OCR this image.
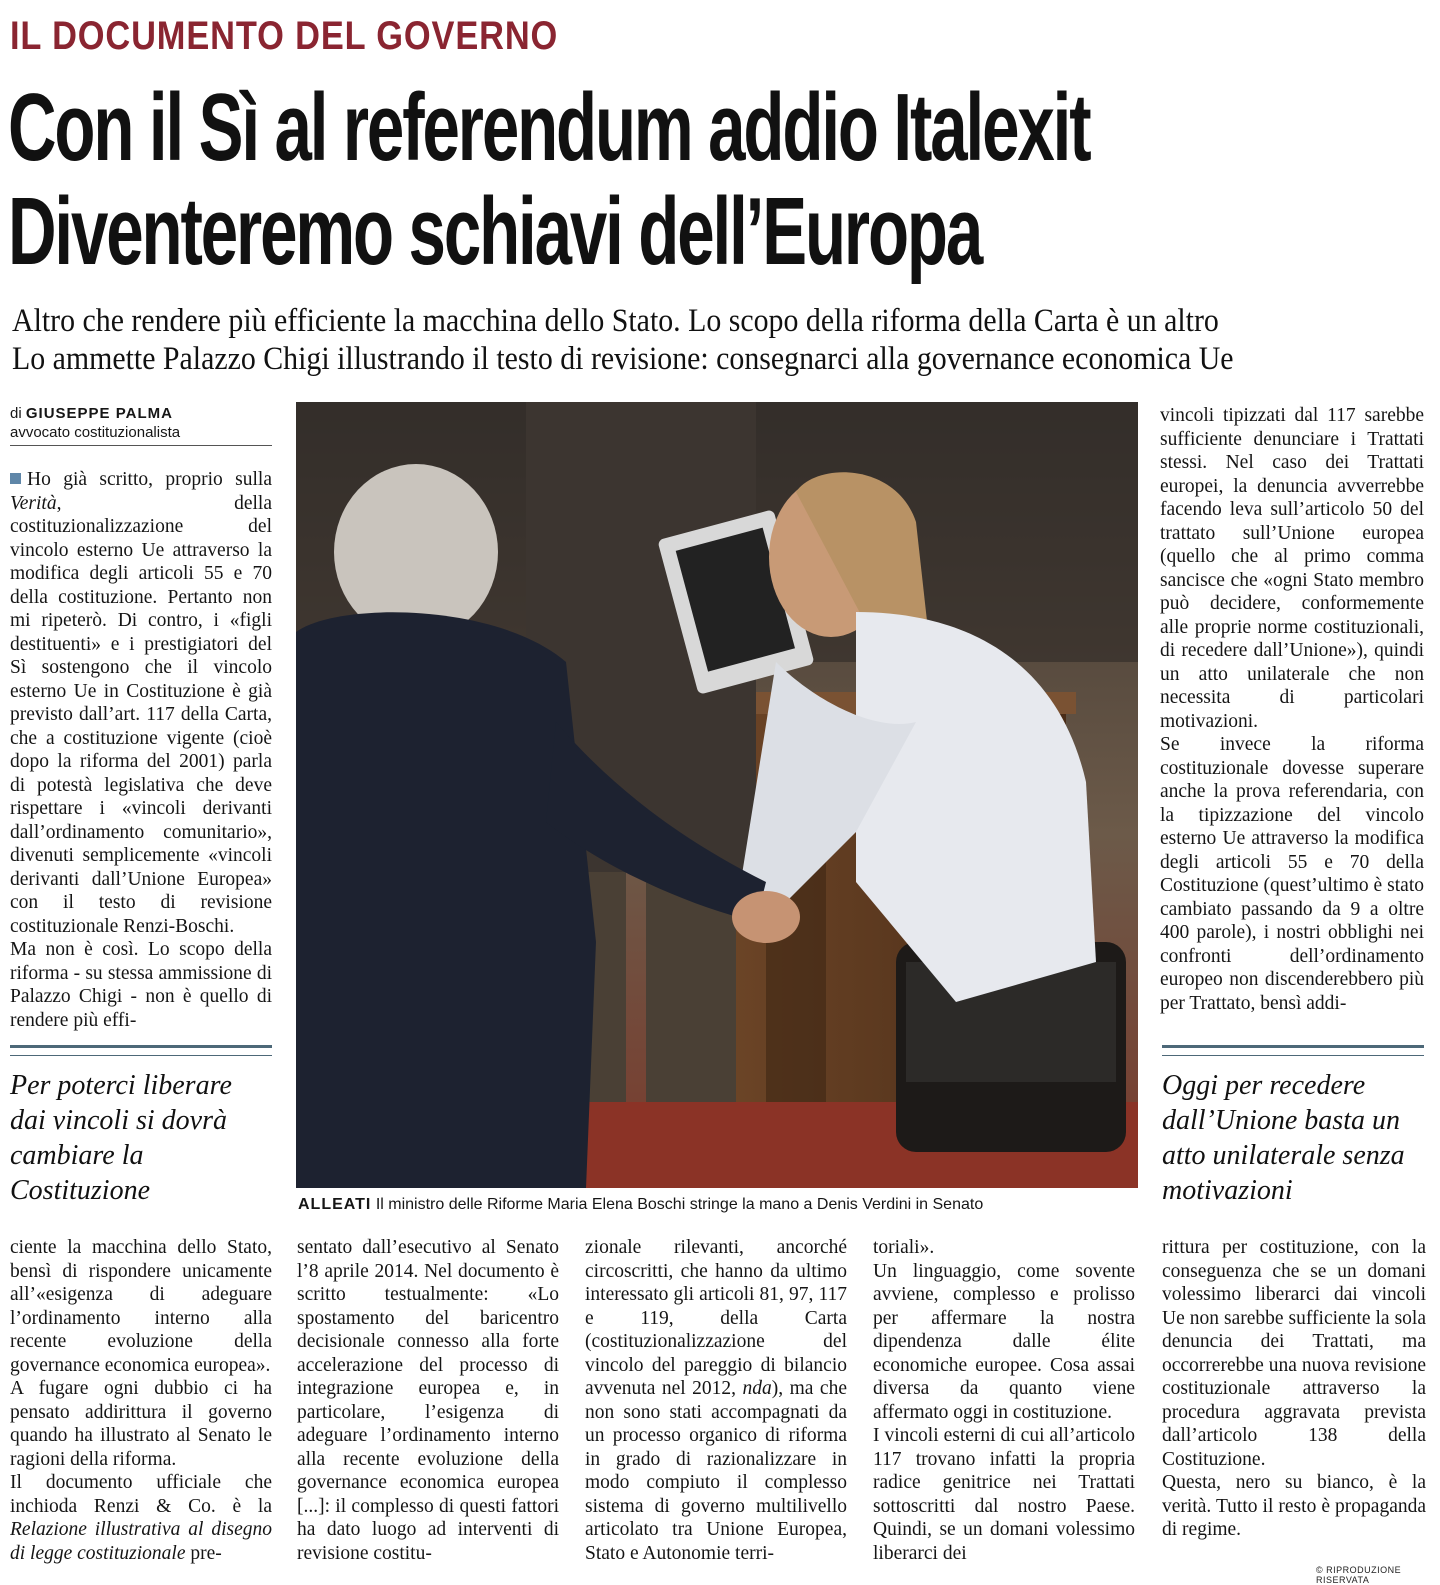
IL DOCUMENTO DEL GOVERNO
Con il Sì al referendum addio Italexit
Diventeremo schiavi dell’Europa
Altro che rendere più efficiente la macchina dello Stato. Lo scopo della riforma della Carta è un altro
Lo ammette Palazzo Chigi illustrando il testo di revisione: consegnarci alla governance economica Ue
di GIUSEPPE PALMA
avvocato costituzionalista

Ho già scritto, proprio sulla Verità, della costituzionalizzazione del vincolo esterno Ue attraverso la modifica degli articoli 55 e 70 della costituzione. Pertanto non mi ripeterò. Di contro, i «figli destituenti» e i prestigiatori del Sì sostengono che il vincolo esterno Ue in Costituzione è già previsto dall’art. 117 della Carta, che a costituzione vigente (cioè dopo la riforma del 2001) parla di potestà legislativa che deve rispettare i «vincoli derivanti dall’ordinamento comunitario», divenuti semplicemente «vincoli derivanti dall’Unione Europea» con il testo di revisione costituzionale Renzi-Boschi.

Ma non è così. Lo scopo della riforma - su stessa ammissione di Palazzo Chigi - non è quello di rendere più effi-

Per poterci liberare dai vincoli si dovrà cambiare la Costituzione	ALLEATI Il ministro delle Riforme Maria Elena Boschi stringe la mano a Denis Verdini in Senato

vincoli tipizzati dal 117 sarebbe sufficiente denunciare i Trattati stessi. Nel caso dei Trattati europei, la denuncia avverrebbe facendo leva sull’articolo 50 del trattato sull’Unione europea (quello che al primo comma sancisce che «ogni Stato membro può decidere, conformemente alle proprie norme costituzionali, di recedere dall’Unione»), quindi un atto unilaterale che non necessita di particolari motivazioni.

Se invece la riforma costituzionale dovesse superare anche la prova referendaria, con la tipizzazione del vincolo esterno Ue attraverso la modifica degli articoli 55 e 70 della Costituzione (quest’ultimo è stato cambiato passando da 9 a oltre 400 parole), i nostri obblighi nei confronti dell’ordinamento europeo non discenderebbero più per Trattato, bensì addi-

Oggi per recedere dall’Unione basta un atto unilaterale senza motivazioni

ciente la macchina dello Stato, bensì di rispondere unicamente all’«esigenza di adeguare l’ordinamento interno alla recente evoluzione della governance economica europea».

A fugare ogni dubbio ci ha pensato addirittura il governo quando ha illustrato al Senato le ragioni della riforma.

Il documento ufficiale che inchioda Renzi & Co. è la Relazione illustrativa al disegno di legge costituzionale pre-

sentato dall’esecutivo al Senato l’8 aprile 2014. Nel documento è scritto testualmente: «Lo spostamento del baricentro decisionale connesso alla forte accelerazione del processo di integrazione europea e, in particolare, l’esigenza di adeguare l’ordinamento interno alla recente evoluzione della governance economica europea [...]: il complesso di questi fattori ha dato luogo ad interventi di revisione costitu-

zionale rilevanti, ancorché circoscritti, che hanno da ultimo interessato gli articoli 81, 97, 117 e 119, della Carta (costituzionalizzazione del vincolo del pareggio di bilancio avvenuta nel 2012, nda), ma che non sono stati accompagnati da un processo organico di riforma in grado di razionalizzare in modo compiuto il complesso sistema di governo multilivello articolato tra Unione Europea, Stato e Autonomie terri-

toriali».

Un linguaggio, come sovente avviene, complesso e prolisso per affermare la nostra dipendenza dalle élite economiche europee. Cosa assai diversa da quanto viene affermato oggi in costituzione.

I vincoli esterni di cui all’articolo 117 trovano infatti la propria radice genitrice nei Trattati sottoscritti dal nostro Paese. Quindi, se un domani volessimo liberarci dei

rittura per costituzione, con la conseguenza che se un domani volessimo liberarci dai vincoli Ue non sarebbe sufficiente la sola denuncia dei Trattati, ma occorrerebbe una nuova revisione costituzionale attraverso la procedura aggravata prevista dall’articolo 138 della Costituzione.

Questa, nero su bianco, è la verità. Tutto il resto è propaganda di regime.

© RIPRODUZIONE RISERVATA
